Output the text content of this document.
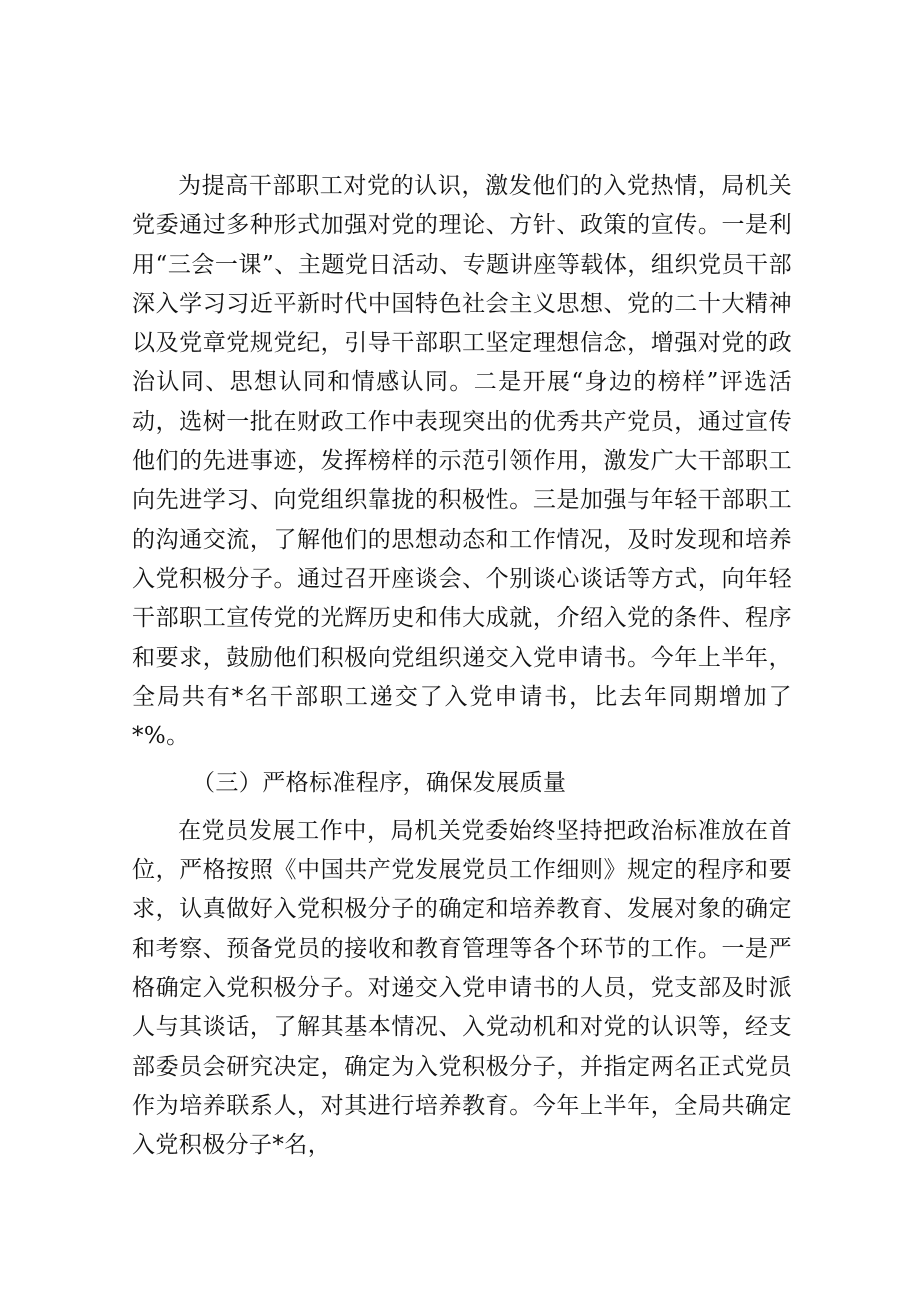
为提高干部职工对党的认识，激发他们的入党热情，局机关党委通过多种形式加强对党的理论、方针、政策的宣传。一是利用“三会一课”、主题党日活动、专题讲座等载体，组织党员干部深入学习习近平新时代中国特色社会主义思想、党的二十大精神以及党章党规党纪，引导干部职工坚定理想信念，增强对党的政治认同、思想认同和情感认同。二是开展“身边的榜样”评选活动，选树一批在财政工作中表现突出的优秀共产党员，通过宣传他们的先进事迹，发挥榜样的示范引领作用，激发广大干部职工向先进学习、向党组织靠拢的积极性。三是加强与年轻干部职工的沟通交流，了解他们的思想动态和工作情况，及时发现和培养入党积极分子。通过召开座谈会、个别谈心谈话等方式，向年轻干部职工宣传党的光辉历史和伟大成就，介绍入党的条件、程序和要求，鼓励他们积极向党组织递交入党申请书。今年上半年，全局共有*名干部职工递交了入党申请书，比去年同期增加了*%。

（三）严格标准程序，确保发展质量

在党员发展工作中，局机关党委始终坚持把政治标准放在首位，严格按照《中国共产党发展党员工作细则》规定的程序和要求，认真做好入党积极分子的确定和培养教育、发展对象的确定和考察、预备党员的接收和教育管理等各个环节的工作。一是严格确定入党积极分子。对递交入党申请书的人员，党支部及时派人与其谈话，了解其基本情况、入党动机和对党的认识等，经支部委员会研究决定，确定为入党积极分子，并指定两名正式党员作为培养联系人，对其进行培养教育。今年上半年，全局共确定入党积极分子*名，
